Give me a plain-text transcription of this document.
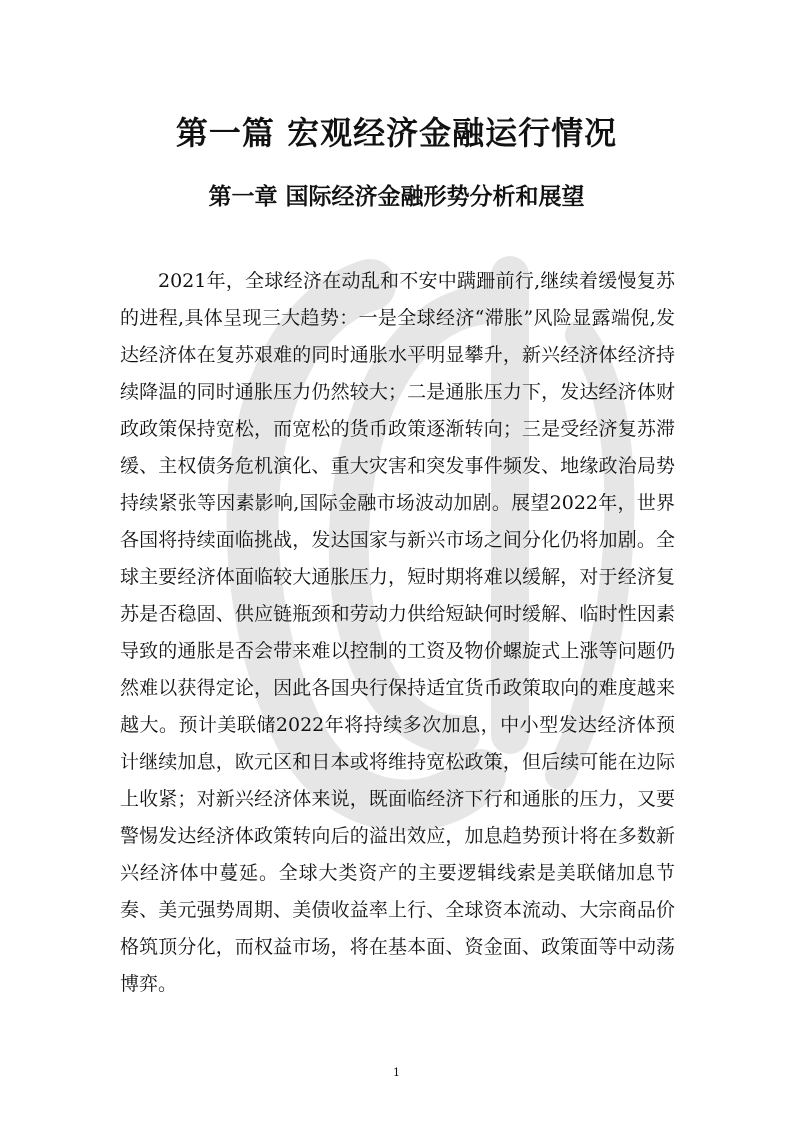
第一篇 宏观经济金融运行情况
第一章 国际经济金融形势分析和展望

2021年，全球经济在动乱和不安中蹒跚前行,继续着缓慢复苏的进程,具体呈现三大趋势：一是全球经济“滞胀”风险显露端倪,发达经济体在复苏艰难的同时通胀水平明显攀升，新兴经济体经济持续降温的同时通胀压力仍然较大；二是通胀压力下，发达经济体财政政策保持宽松，而宽松的货币政策逐渐转向；三是受经济复苏滞缓、主权债务危机演化、重大灾害和突发事件频发、地缘政治局势持续紧张等因素影响,国际金融市场波动加剧。展望2022年，世界各国将持续面临挑战，发达国家与新兴市场之间分化仍将加剧。全球主要经济体面临较大通胀压力，短时期将难以缓解，对于经济复苏是否稳固、供应链瓶颈和劳动力供给短缺何时缓解、临时性因素导致的通胀是否会带来难以控制的工资及物价螺旋式上涨等问题仍然难以获得定论，因此各国央行保持适宜货币政策取向的难度越来越大。预计美联储2022年将持续多次加息，中小型发达经济体预计继续加息，欧元区和日本或将维持宽松政策，但后续可能在边际上收紧；对新兴经济体来说，既面临经济下行和通胀的压力，又要警惕发达经济体政策转向后的溢出效应，加息趋势预计将在多数新兴经济体中蔓延。全球大类资产的主要逻辑线索是美联储加息节奏、美元强势周期、美债收益率上行、全球资本流动、大宗商品价格筑顶分化，而权益市场，将在基本面、资金面、政策面等中动荡博弈。

1
